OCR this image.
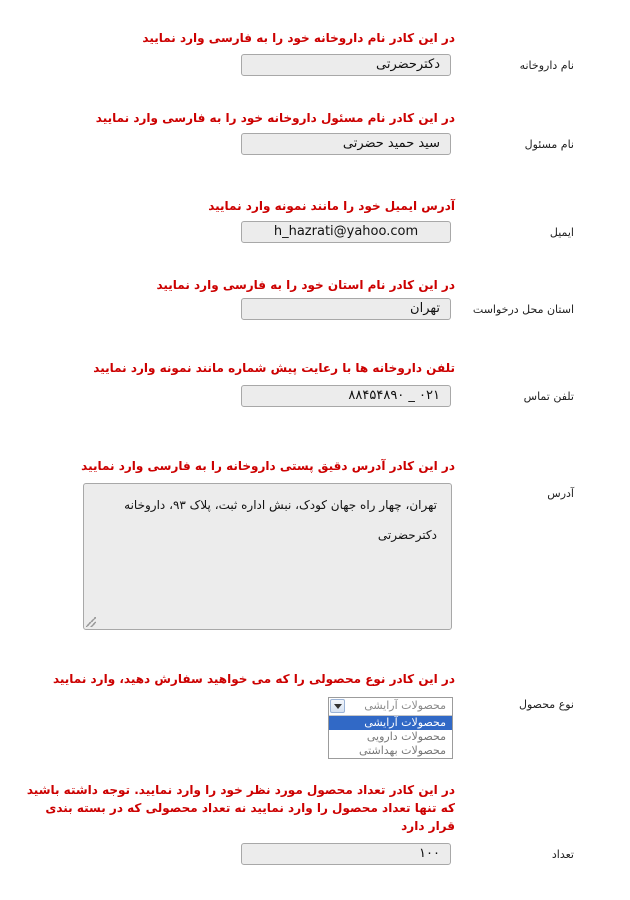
در این کادر نام داروخانه خود را به فارسی وارد نمایید
نام داروخانه
دکترحضرتی
در این کادر نام مسئول داروخانه خود را به فارسی وارد نمایید
نام مسئول
سید حمید حضرتی
آدرس ایمیل خود را مانند نمونه وارد نمایید
ایمیل
h_hazrati@yahoo.com
در این کادر نام استان خود را به فارسی وارد نمایید
استان محل درخواست
تهران
تلفن داروخانه ها با رعایت پیش شماره مانند نمونه وارد نمایید
تلفن تماس
۰۲۱ _ ۸۸۴۵۴۸۹۰
در این کادر آدرس دقیق پستی داروخانه را به فارسی وارد نمایید
آدرس
تهران، چهار راه جهان کودک، نبش اداره ثبت، پلاک ۹۳، داروخانه
دکترحضرتی
در این کادر نوع محصولی را که می خواهید سفارش دهید، وارد نمایید
نوع محصول
محصولات آرایشی
محصولات آرایشی
محصولات دارویی
محصولات بهداشتی
در این کادر تعداد محصول مورد نظر خود را وارد نمایید. توجه داشته باشید که تنها تعداد محصول را وارد نمایید نه تعداد محصولی که در بسته بندی قرار دارد
تعداد
۱۰۰
